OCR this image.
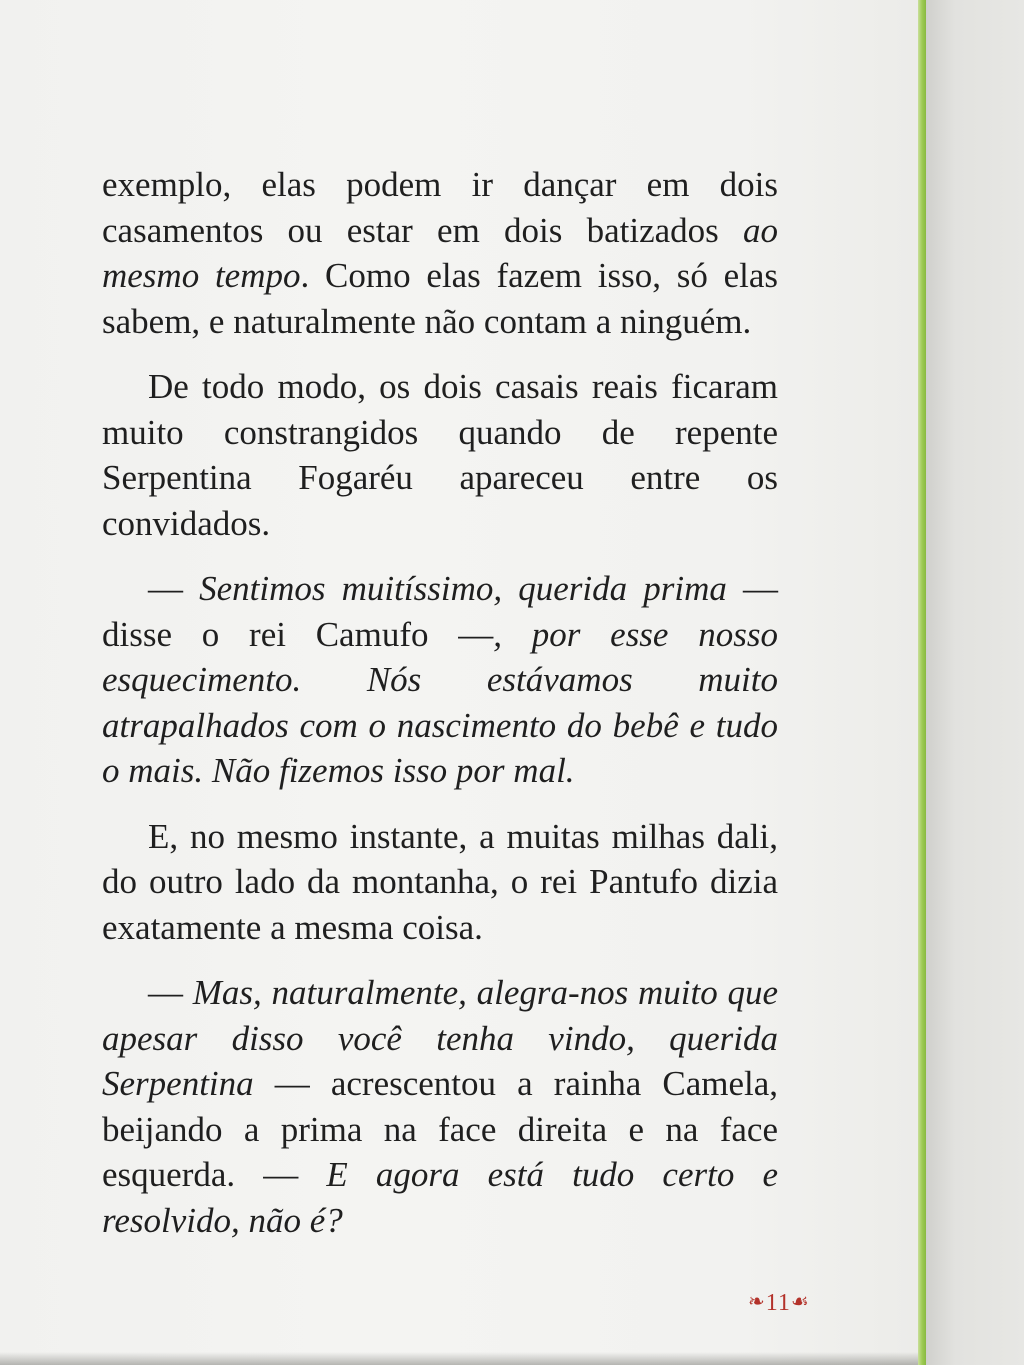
exemplo, elas podem ir dançar em dois casamentos ou estar em dois batizados ao mesmo tempo. Como elas fazem isso, só elas sabem, e naturalmente não contam a ninguém.

De todo modo, os dois casais reais ficaram muito constrangidos quando de repente Serpentina Fogaréu apareceu entre os convidados.

— Sentimos muitíssimo, querida prima — disse o rei Camufo —, por esse nosso esquecimento. Nós estávamos muito atrapalhados com o nascimento do bebê e tudo o mais. Não fizemos isso por mal.

E, no mesmo instante, a muitas milhas dali, do outro lado da montanha, o rei Pantufo dizia exatamente a mesma coisa.

— Mas, naturalmente, alegra-nos muito que apesar disso você tenha vindo, querida Serpentina — acrescentou a rainha Camela, beijando a prima na face direita e na face esquerda. — E agora está tudo certo e resolvido, não é?

❧11☙
